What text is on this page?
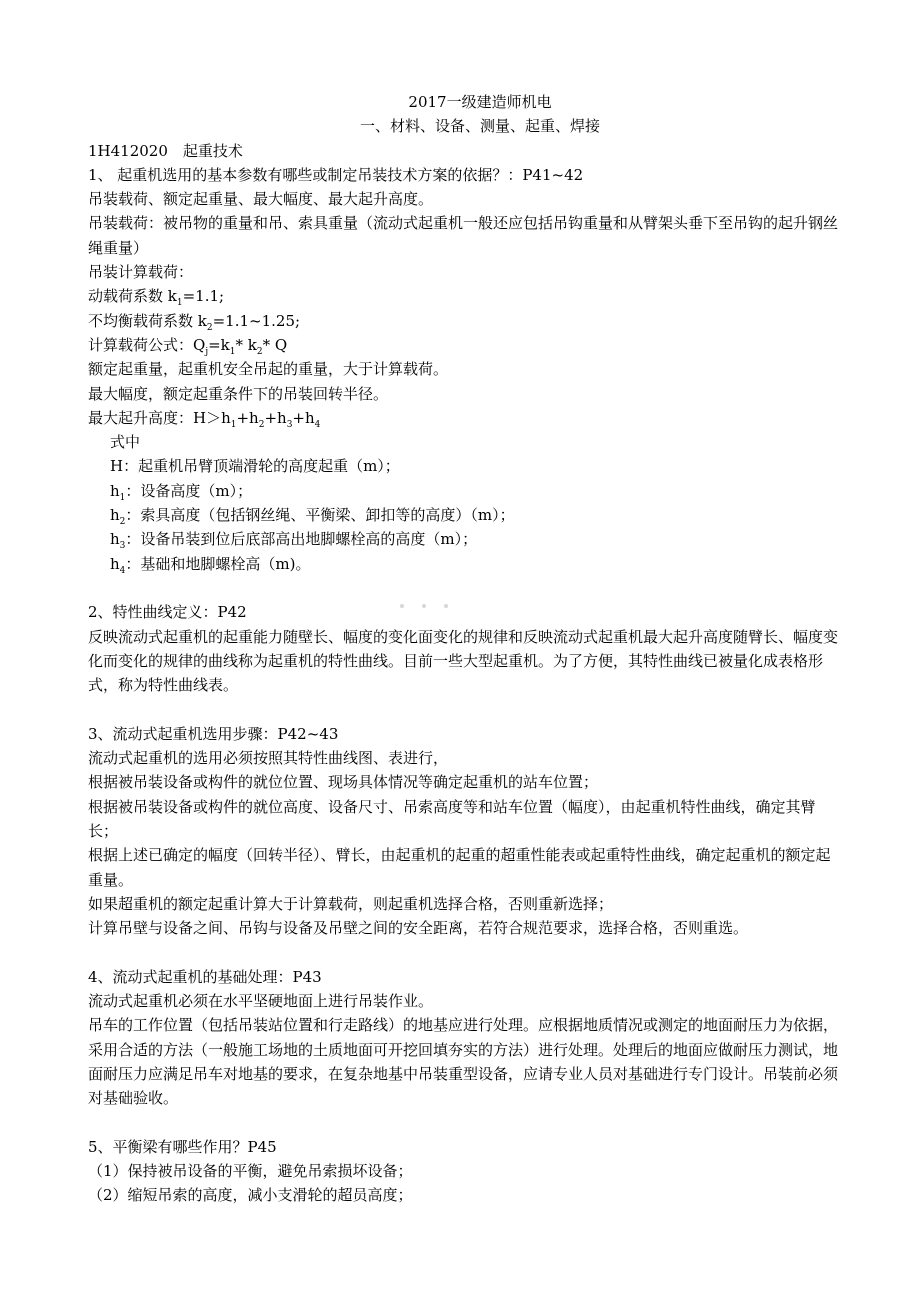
2017一级建造师机电
一、材料、设备、测量、起重、焊接
1H412020　起重技术
1、 起重机选用的基本参数有哪些或制定吊装技术方案的依据？：P41~42
吊装载荷、额定起重量、最大幅度、最大起升高度。
吊装载荷：被吊物的重量和吊、索具重量（流动式起重机一般还应包括吊钩重量和从臂架头垂下至吊钩的起升钢丝绳重量）
吊装计算载荷：
动载荷系数 $k_1=1.1$;
不均衡载荷系数 $k_2=1.1\sim 1.25$;
计算载荷公式：$Q_j=k_1*$ $k_2*$ Q
额定起重量，起重机安全吊起的重量，大于计算载荷。
最大幅度，额定起重条件下的吊装回转半径。
最大起升高度：$H>h_1+h_2+h_3+h_4$
式中
H：起重机吊臂顶端滑轮的高度起重（m）；
$h_1$：设备高度（m）；
$h_2$：索具高度（包括钢丝绳、平衡梁、卸扣等的高度）（m）；
$h_3$：设备吊装到位后底部高出地脚螺栓高的高度（m）；
$h_4$：基础和地脚螺栓高（m)。
2、特性曲线定义：P42
反映流动式起重机的起重能力随壁长、幅度的变化面变化的规律和反映流动式起重机最大起升高度随臂长、幅度变化而变化的规律的曲线称为起重机的特性曲线。目前一些大型起重机。为了方便，其特性曲线已被量化成表格形式，称为特性曲线表。
3、流动式起重机选用步骤：P42~43
流动式起重机的选用必须按照其特性曲线图、表进行，
根据被吊装设备或构件的就位位置、现场具体情况等确定起重机的站车位置；
根据被吊装设备或构件的就位高度、设备尺寸、吊索高度等和站车位置（幅度），由起重机特性曲线，确定其臂长；
根据上述已确定的幅度（回转半径）、臂长，由起重机的起重的超重性能表或起重特性曲线，确定起重机的额定起重量。
如果超重机的额定起重计算大于计算载荷，则起重机选择合格，否则重新选择；
计算吊壁与设备之间、吊钩与设备及吊壁之间的安全距离，若符合规范要求，选择合格，否则重选。
4、流动式起重机的基础处理：P43
流动式起重机必须在水平坚硬地面上进行吊装作业。
吊车的工作位置（包括吊装站位置和行走路线）的地基应进行处理。应根据地质情况或测定的地面耐压力为依据，采用合适的方法（一般施工场地的土质地面可开挖回填夯实的方法）进行处理。处理后的地面应做耐压力测试，地面耐压力应满足吊车对地基的要求，在复杂地基中吊装重型设备，应请专业人员对基础进行专门设计。吊装前必须对基础验收。
5、平衡梁有哪些作用？P45
（1）保持被吊设备的平衡，避免吊索损坏设备；
（2）缩短吊索的高度，减小支滑轮的超员高度；
